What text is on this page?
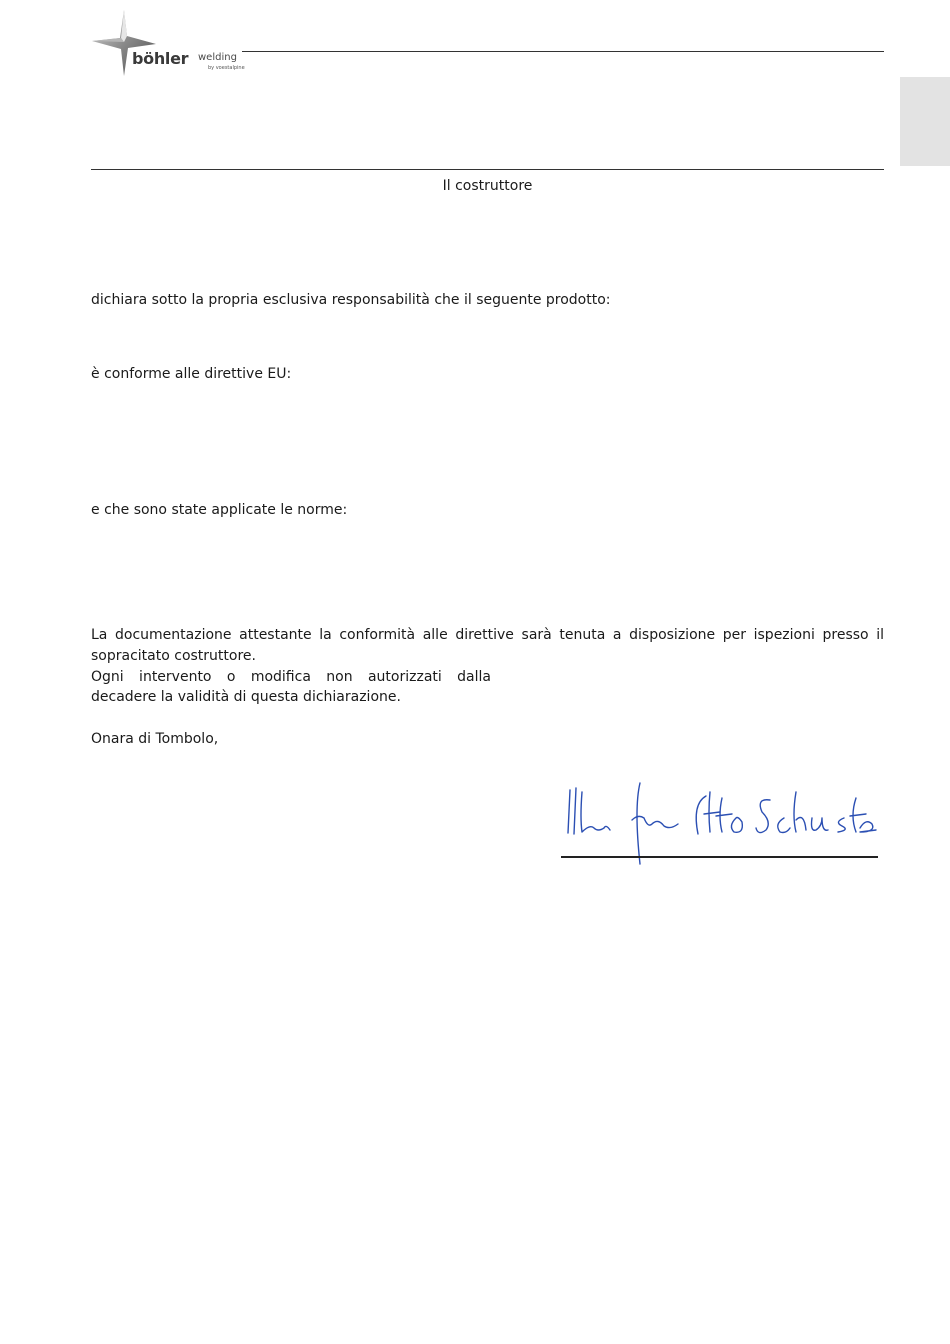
böhler welding
by voestalpine
Il costruttore

dichiara sotto la propria esclusiva responsabilità che il seguente prodotto:

è conforme alle direttive EU:

e che sono state applicate le norme:

La documentazione attestante la conformità alle direttive sarà tenuta a disposizione per ispezioni presso il sopracitato costruttore.

Ogni intervento o modifica non autorizzati dalla

decadere la validità di questa dichiarazione.

Onara di Tombolo,
